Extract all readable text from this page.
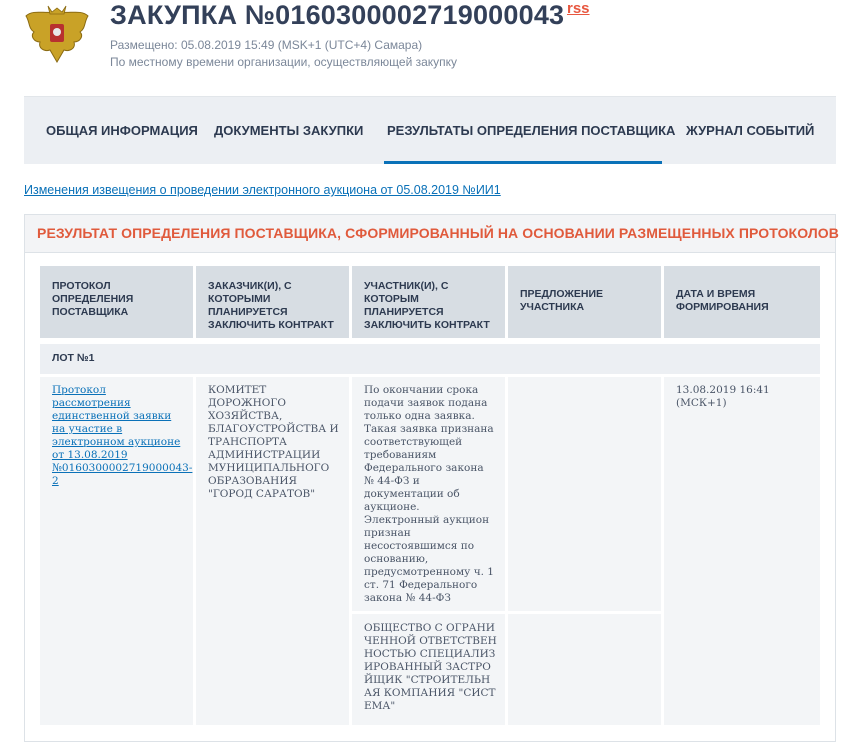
ЗАКУПКА №0160300002719000043 rss
Размещено: 05.08.2019 15:49 (MSK+1 (UTC+4) Самара)
По местному времени организации, осуществляющей закупку
ОБЩАЯ ИНФОРМАЦИЯ ДОКУМЕНТЫ ЗАКУПКИ РЕЗУЛЬТАТЫ ОПРЕДЕЛЕНИЯ ПОСТАВЩИКА ЖУРНАЛ СОБЫТИЙ
Изменения извещения о проведении электронного аукциона от 05.08.2019 №ИИ1
РЕЗУЛЬТАТ ОПРЕДЕЛЕНИЯ ПОСТАВЩИКА, СФОРМИРОВАННЫЙ НА ОСНОВАНИИ РАЗМЕЩЕННЫХ ПРОТОКОЛОВ
ПРОТОКОЛ ОПРЕДЕЛЕНИЯ ПОСТАВЩИКА
ЗАКАЗЧИК(И), С КОТОРЫМИ ПЛАНИРУЕТСЯ ЗАКЛЮЧИТЬ КОНТРАКТ
УЧАСТНИК(И), С КОТОРЫМ ПЛАНИРУЕТСЯ ЗАКЛЮЧИТЬ КОНТРАКТ
ПРЕДЛОЖЕНИЕ УЧАСТНИКА
ДАТА И ВРЕМЯ ФОРМИРОВАНИЯ
ЛОТ №1
Протокол рассмотрения единственной заявки на участие в электронном аукционе от 13.08.2019 №0160300002719000043-2
КОМИТЕТ ДОРОЖНОГО ХОЗЯЙСТВА, БЛАГОУСТРОЙСТВА И ТРАНСПОРТА АДМИНИСТРАЦИИ МУНИЦИПАЛЬНОГО ОБРАЗОВАНИЯ "ГОРОД САРАТОВ"
По окончании срока подачи заявок подана только одна заявка. Такая заявка признана соответствующей требованиям Федерального закона № 44-ФЗ и документации об аукционе. Электронный аукцион признан несостоявшимся по основанию, предусмотренному ч. 1 ст. 71 Федерального закона № 44-ФЗ
ОБЩЕСТВО С ОГРАНИЧЕННОЙ ОТВЕТСТВЕННОСТЬЮ СПЕЦИАЛИЗИРОВАННЫЙ ЗАСТРОЙЩИК "СТРОИТЕЛЬНАЯ КОМПАНИЯ "СИСТЕМА"
13.08.2019 16:41 (МСК+1)
